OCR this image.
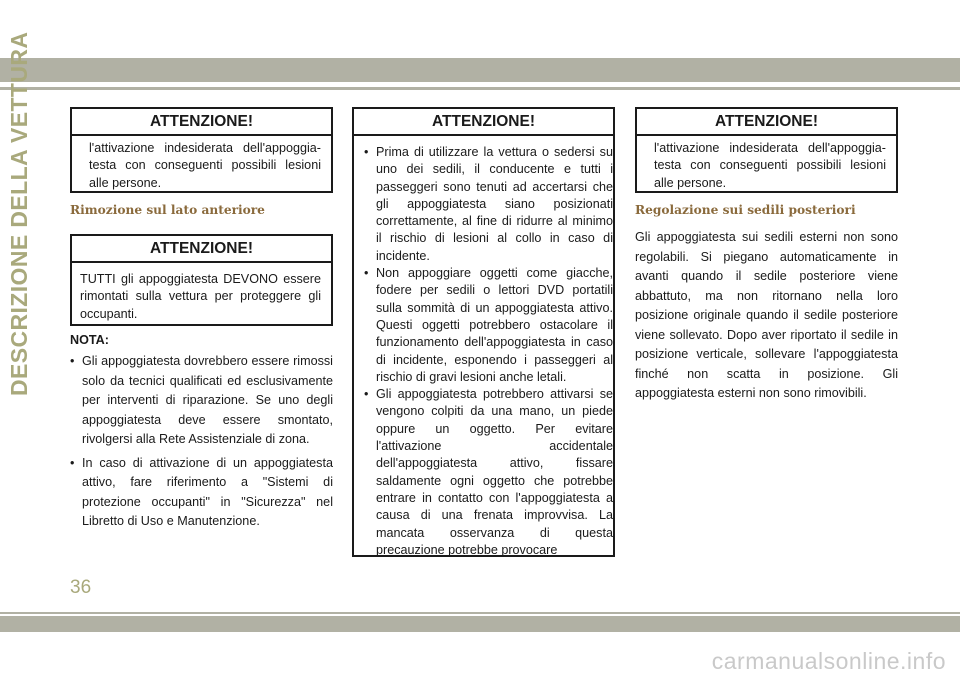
DESCRIZIONE DELLA VETTURA	ATTENZIONE!
l'attivazione indesiderata dell'appoggia-testa con conseguenti possibili lesioni alle persone.
Rimozione sul lato anteriore
ATTENZIONE!
TUTTI gli appoggiatesta DEVONO essere rimontati sulla vettura per proteggere gli occupanti.
NOTA:
• Gli appoggiatesta dovrebbero essere rimossi solo da tecnici qualificati ed esclusivamente per interventi di riparazione. Se uno degli appoggiatesta deve essere smontato, rivolgersi alla Rete Assistenziale di zona.
• In caso di attivazione di un appoggiatesta attivo, fare riferimento a "Sistemi di protezione occupanti" in "Sicurezza" nel Libretto di Uso e Manutenzione.
ATTENZIONE!
• Prima di utilizzare la vettura o sedersi su uno dei sedili, il conducente e tutti i passeggeri sono tenuti ad accertarsi che gli appoggiatesta siano posizionati correttamente, al fine di ridurre al minimo il rischio di lesioni al collo in caso di incidente.
• Non appoggiare oggetti come giacche, fodere per sedili o lettori DVD portatili sulla sommità di un appoggiatesta attivo. Questi oggetti potrebbero ostacolare il funzionamento dell'appoggiatesta in caso di incidente, esponendo i passeggeri al rischio di gravi lesioni anche letali.
• Gli appoggiatesta potrebbero attivarsi se vengono colpiti da una mano, un piede oppure un oggetto. Per evitare l'attivazione accidentale dell'appoggiatesta attivo, fissare saldamente ogni oggetto che potrebbe entrare in contatto con l'appoggiatesta a causa di una frenata improvvisa. La mancata osservanza di questa precauzione potrebbe provocare
ATTENZIONE!
l'attivazione indesiderata dell'appoggia-testa con conseguenti possibili lesioni alle persone.
Regolazione sui sedili posteriori
Gli appoggiatesta sui sedili esterni non sono regolabili. Si piegano automaticamente in avanti quando il sedile posteriore viene abbattuto, ma non ritornano nella loro posizione originale quando il sedile posteriore viene sollevato. Dopo aver riportato il sedile in posizione verticale, sollevare l'appoggiatesta finché non scatta in posizione. Gli appoggiatesta esterni non sono rimovibili.
36
carmanualsonline.info
